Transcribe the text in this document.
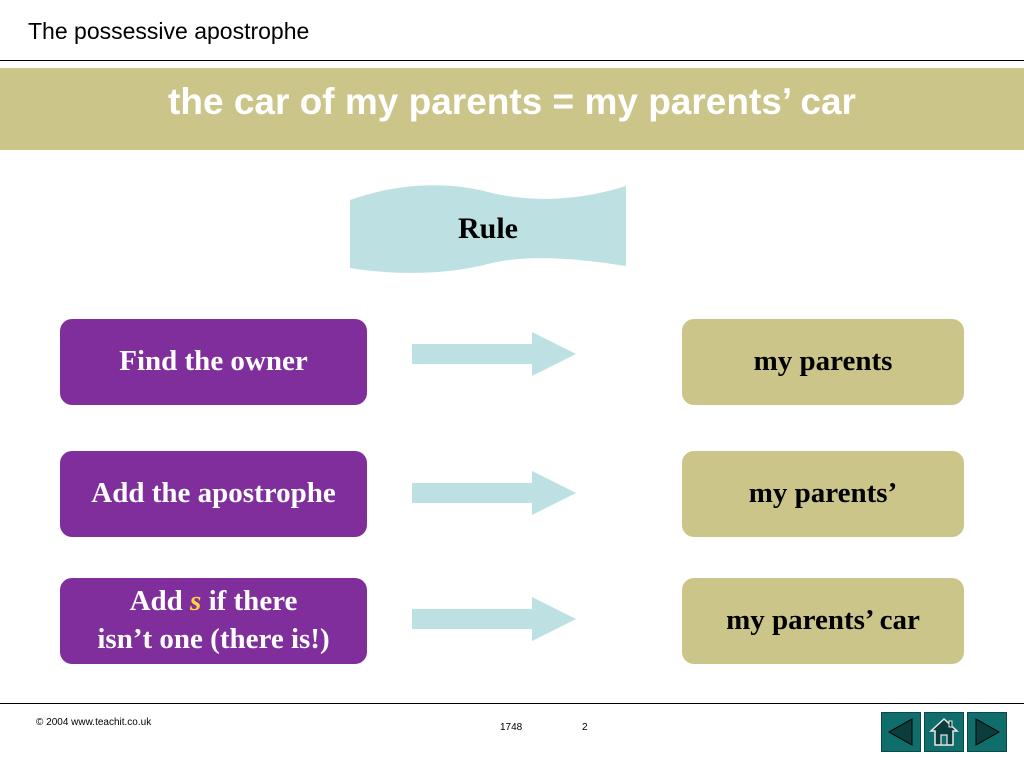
The possessive apostrophe
the car of my parents = my parents’ car
Rule
Find the owner	my parents
Add the apostrophe	my parents’
Add s if there
isn’t one (there is!)
my parents’ car
© 2004 www.teachit.co.uk	1748	2
